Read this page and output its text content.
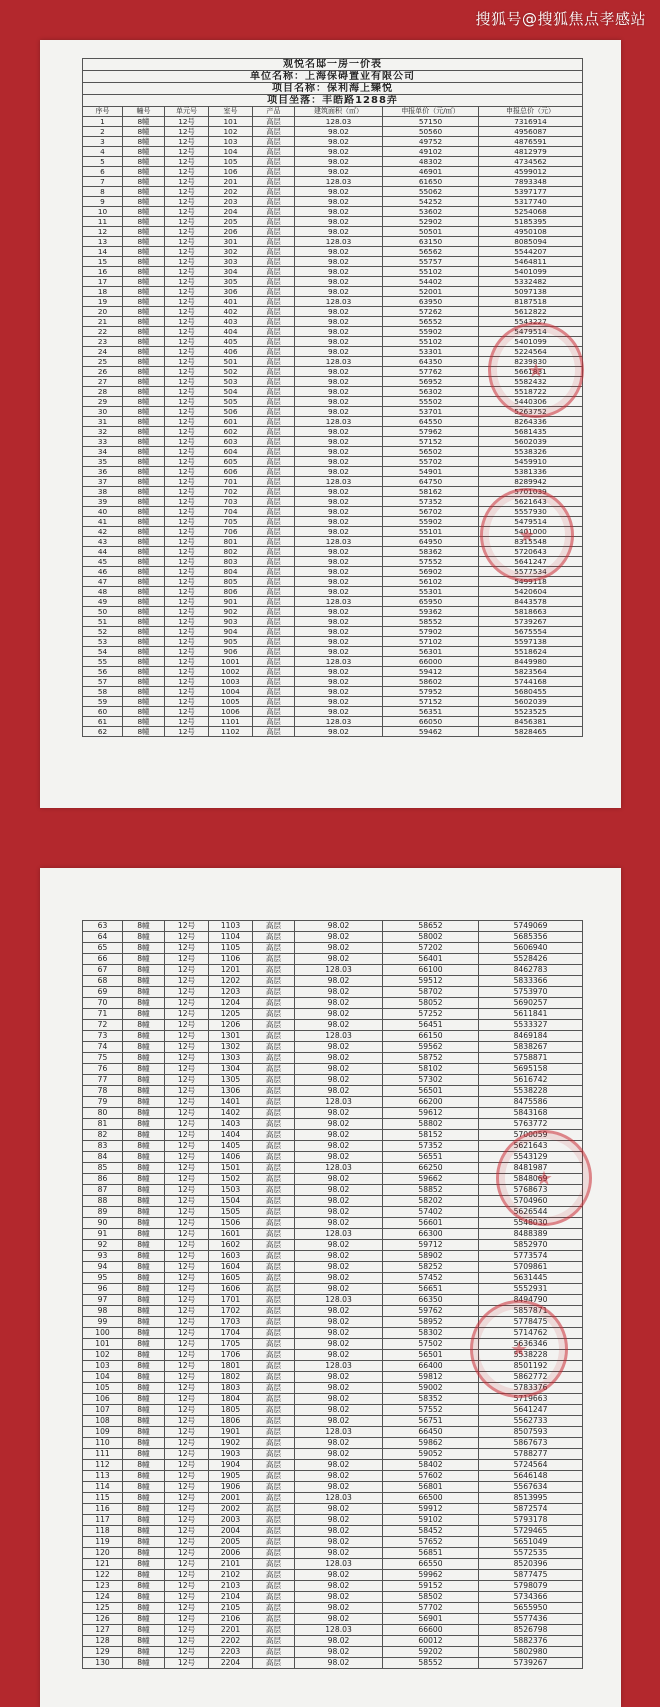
搜狐号@搜狐焦点孝感站
观悦名邸一房一价表							
单位名称：上海保碍置业有限公司							
项目名称：保利海上臻悦							
项目坐落：丰皓路1288弄							
序号	幢号	单元号	室号	产品	建筑面积（㎡）	申报单价（元/㎡）	申报总价（元）
1	8幢	12号	101	高层	128.03	57150	7316914
2	8幢	12号	102	高层	98.02	50560	4956087
3	8幢	12号	103	高层	98.02	49752	4876591
4	8幢	12号	104	高层	98.02	49102	4812979
5	8幢	12号	105	高层	98.02	48302	4734562
6	8幢	12号	106	高层	98.02	46901	4599012
7	8幢	12号	201	高层	128.03	61650	7893348
8	8幢	12号	202	高层	98.02	55062	5397177
9	8幢	12号	203	高层	98.02	54252	5317740
10	8幢	12号	204	高层	98.02	53602	5254068
11	8幢	12号	205	高层	98.02	52902	5185395
12	8幢	12号	206	高层	98.02	50501	4950108
13	8幢	12号	301	高层	128.03	63150	8085094
14	8幢	12号	302	高层	98.02	56562	5544207
15	8幢	12号	303	高层	98.02	55757	5464811
16	8幢	12号	304	高层	98.02	55102	5401099
17	8幢	12号	305	高层	98.02	54402	5332482
18	8幢	12号	306	高层	98.02	52001	5097138
19	8幢	12号	401	高层	128.03	63950	8187518
20	8幢	12号	402	高层	98.02	57262	5612822
21	8幢	12号	403	高层	98.02	56552	5543227
22	8幢	12号	404	高层	98.02	55902	5479514
23	8幢	12号	405	高层	98.02	55102	5401099
24	8幢	12号	406	高层	98.02	53301	5224564
25	8幢	12号	501	高层	128.03	64350	8239830
26	8幢	12号	502	高层	98.02	57762	5661831
27	8幢	12号	503	高层	98.02	56952	5582432
28	8幢	12号	504	高层	98.02	56302	5518722
29	8幢	12号	505	高层	98.02	55502	5440306
30	8幢	12号	506	高层	98.02	53701	5263752
31	8幢	12号	601	高层	128.03	64550	8264336
32	8幢	12号	602	高层	98.02	57962	5681435
33	8幢	12号	603	高层	98.02	57152	5602039
34	8幢	12号	604	高层	98.02	56502	5538326
35	8幢	12号	605	高层	98.02	55702	5459910
36	8幢	12号	606	高层	98.02	54901	5381336
37	8幢	12号	701	高层	128.03	64750	8289942
38	8幢	12号	702	高层	98.02	58162	5701039
39	8幢	12号	703	高层	98.02	57352	5621643
40	8幢	12号	704	高层	98.02	56702	5557930
41	8幢	12号	705	高层	98.02	55902	5479514
42	8幢	12号	706	高层	98.02	55101	5401000
43	8幢	12号	801	高层	128.03	64950	8315548
44	8幢	12号	802	高层	98.02	58362	5720643
45	8幢	12号	803	高层	98.02	57552	5641247
46	8幢	12号	804	高层	98.02	56902	5577534
47	8幢	12号	805	高层	98.02	56102	5499118
48	8幢	12号	806	高层	98.02	55301	5420604
49	8幢	12号	901	高层	128.03	65950	8443578
50	8幢	12号	902	高层	98.02	59362	5818663
51	8幢	12号	903	高层	98.02	58552	5739267
52	8幢	12号	904	高层	98.02	57902	5675554
53	8幢	12号	905	高层	98.02	57102	5597138
54	8幢	12号	906	高层	98.02	56301	5518624
55	8幢	12号	1001	高层	128.03	66000	8449980
56	8幢	12号	1002	高层	98.02	59412	5823564
57	8幢	12号	1003	高层	98.02	58602	5744168
58	8幢	12号	1004	高层	98.02	57952	5680455
59	8幢	12号	1005	高层	98.02	57152	5602039
60	8幢	12号	1006	高层	98.02	56351	5523525
61	8幢	12号	1101	高层	128.03	66050	8456381
62	8幢	12号	1102	高层	98.02	59462	5828465
★
★
63	8幢	12号	1103	高层	98.02	58652	5749069
64	8幢	12号	1104	高层	98.02	58002	5685356
65	8幢	12号	1105	高层	98.02	57202	5606940
66	8幢	12号	1106	高层	98.02	56401	5528426
67	8幢	12号	1201	高层	128.03	66100	8462783
68	8幢	12号	1202	高层	98.02	59512	5833366
69	8幢	12号	1203	高层	98.02	58702	5753970
70	8幢	12号	1204	高层	98.02	58052	5690257
71	8幢	12号	1205	高层	98.02	57252	5611841
72	8幢	12号	1206	高层	98.02	56451	5533327
73	8幢	12号	1301	高层	128.03	66150	8469184
74	8幢	12号	1302	高层	98.02	59562	5838267
75	8幢	12号	1303	高层	98.02	58752	5758871
76	8幢	12号	1304	高层	98.02	58102	5695158
77	8幢	12号	1305	高层	98.02	57302	5616742
78	8幢	12号	1306	高层	98.02	56501	5538228
79	8幢	12号	1401	高层	128.03	66200	8475586
80	8幢	12号	1402	高层	98.02	59612	5843168
81	8幢	12号	1403	高层	98.02	58802	5763772
82	8幢	12号	1404	高层	98.02	58152	5700059
83	8幢	12号	1405	高层	98.02	57352	5621643
84	8幢	12号	1406	高层	98.02	56551	5543129
85	8幢	12号	1501	高层	128.03	66250	8481987
86	8幢	12号	1502	高层	98.02	59662	5848069
87	8幢	12号	1503	高层	98.02	58852	5768673
88	8幢	12号	1504	高层	98.02	58202	5704960
89	8幢	12号	1505	高层	98.02	57402	5626544
90	8幢	12号	1506	高层	98.02	56601	5548030
91	8幢	12号	1601	高层	128.03	66300	8488389
92	8幢	12号	1602	高层	98.02	59712	5852970
93	8幢	12号	1603	高层	98.02	58902	5773574
94	8幢	12号	1604	高层	98.02	58252	5709861
95	8幢	12号	1605	高层	98.02	57452	5631445
96	8幢	12号	1606	高层	98.02	56651	5552931
97	8幢	12号	1701	高层	128.03	66350	8494790
98	8幢	12号	1702	高层	98.02	59762	5857871
99	8幢	12号	1703	高层	98.02	58952	5778475
100	8幢	12号	1704	高层	98.02	58302	5714762
101	8幢	12号	1705	高层	98.02	57502	5636346
102	8幢	12号	1706	高层	98.02	56501	5538228
103	8幢	12号	1801	高层	128.03	66400	8501192
104	8幢	12号	1802	高层	98.02	59812	5862772
105	8幢	12号	1803	高层	98.02	59002	5783376
106	8幢	12号	1804	高层	98.02	58352	5719663
107	8幢	12号	1805	高层	98.02	57552	5641247
108	8幢	12号	1806	高层	98.02	56751	5562733
109	8幢	12号	1901	高层	128.03	66450	8507593
110	8幢	12号	1902	高层	98.02	59862	5867673
111	8幢	12号	1903	高层	98.02	59052	5788277
112	8幢	12号	1904	高层	98.02	58402	5724564
113	8幢	12号	1905	高层	98.02	57602	5646148
114	8幢	12号	1906	高层	98.02	56801	5567634
115	8幢	12号	2001	高层	128.03	66500	8513995
116	8幢	12号	2002	高层	98.02	59912	5872574
117	8幢	12号	2003	高层	98.02	59102	5793178
118	8幢	12号	2004	高层	98.02	58452	5729465
119	8幢	12号	2005	高层	98.02	57652	5651049
120	8幢	12号	2006	高层	98.02	56851	5572535
121	8幢	12号	2101	高层	128.03	66550	8520396
122	8幢	12号	2102	高层	98.02	59962	5877475
123	8幢	12号	2103	高层	98.02	59152	5798079
124	8幢	12号	2104	高层	98.02	58502	5734366
125	8幢	12号	2105	高层	98.02	57702	5655950
126	8幢	12号	2106	高层	98.02	56901	5577436
127	8幢	12号	2201	高层	128.03	66600	8526798
128	8幢	12号	2202	高层	98.02	60012	5882376
129	8幢	12号	2203	高层	98.02	59202	5802980
130	8幢	12号	2204	高层	98.02	58552	5739267
★
★
